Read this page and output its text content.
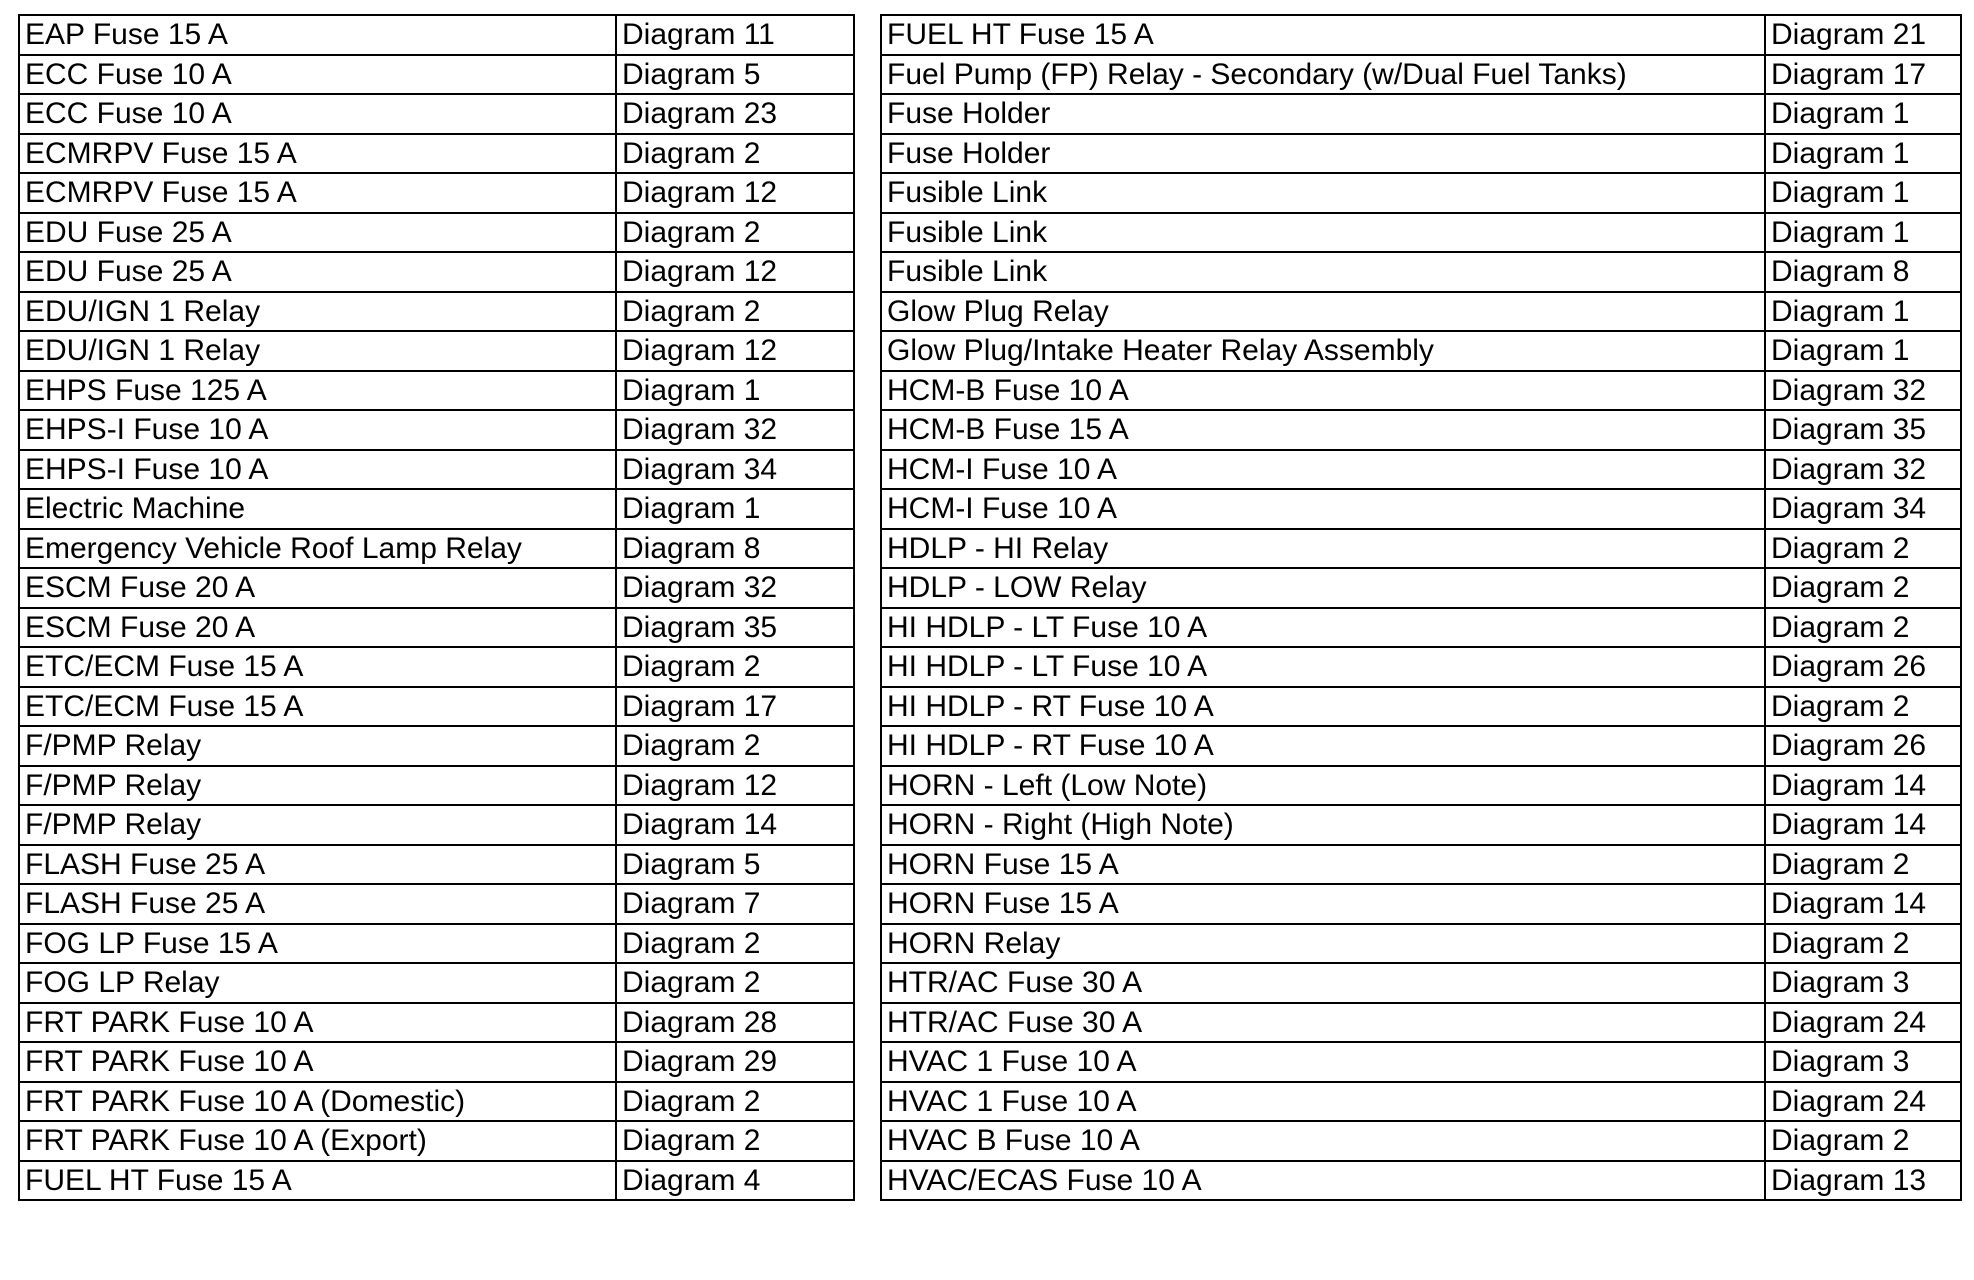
EAP Fuse 15 A	Diagram 11
ECC Fuse 10 A	Diagram 5
ECC Fuse 10 A	Diagram 23
ECMRPV Fuse 15 A	Diagram 2
ECMRPV Fuse 15 A	Diagram 12
EDU Fuse 25 A	Diagram 2
EDU Fuse 25 A	Diagram 12
EDU/IGN 1 Relay	Diagram 2
EDU/IGN 1 Relay	Diagram 12
EHPS Fuse 125 A	Diagram 1
EHPS-I Fuse 10 A	Diagram 32
EHPS-I Fuse 10 A	Diagram 34
Electric Machine	Diagram 1
Emergency Vehicle Roof Lamp Relay	Diagram 8
ESCM Fuse 20 A	Diagram 32
ESCM Fuse 20 A	Diagram 35
ETC/ECM Fuse 15 A	Diagram 2
ETC/ECM Fuse 15 A	Diagram 17
F/PMP Relay	Diagram 2
F/PMP Relay	Diagram 12
F/PMP Relay	Diagram 14
FLASH Fuse 25 A	Diagram 5
FLASH Fuse 25 A	Diagram 7
FOG LP Fuse 15 A	Diagram 2
FOG LP Relay	Diagram 2
FRT PARK Fuse 10 A	Diagram 28
FRT PARK Fuse 10 A	Diagram 29
FRT PARK Fuse 10 A (Domestic)	Diagram 2
FRT PARK Fuse 10 A (Export)	Diagram 2
FUEL HT Fuse 15 A	Diagram 4
FUEL HT Fuse 15 A	Diagram 21
Fuel Pump (FP) Relay - Secondary (w/Dual Fuel Tanks)	Diagram 17
Fuse Holder	Diagram 1
Fuse Holder	Diagram 1
Fusible Link	Diagram 1
Fusible Link	Diagram 1
Fusible Link	Diagram 8
Glow Plug Relay	Diagram 1
Glow Plug/Intake Heater Relay Assembly	Diagram 1
HCM-B Fuse 10 A	Diagram 32
HCM-B Fuse 15 A	Diagram 35
HCM-I Fuse 10 A	Diagram 32
HCM-I Fuse 10 A	Diagram 34
HDLP - HI Relay	Diagram 2
HDLP - LOW Relay	Diagram 2
HI HDLP - LT Fuse 10 A	Diagram 2
HI HDLP - LT Fuse 10 A	Diagram 26
HI HDLP - RT Fuse 10 A	Diagram 2
HI HDLP - RT Fuse 10 A	Diagram 26
HORN - Left (Low Note)	Diagram 14
HORN - Right (High Note)	Diagram 14
HORN Fuse 15 A	Diagram 2
HORN Fuse 15 A	Diagram 14
HORN Relay	Diagram 2
HTR/AC Fuse 30 A	Diagram 3
HTR/AC Fuse 30 A	Diagram 24
HVAC 1 Fuse 10 A	Diagram 3
HVAC 1 Fuse 10 A	Diagram 24
HVAC B Fuse 10 A	Diagram 2
HVAC/ECAS Fuse 10 A	Diagram 13
